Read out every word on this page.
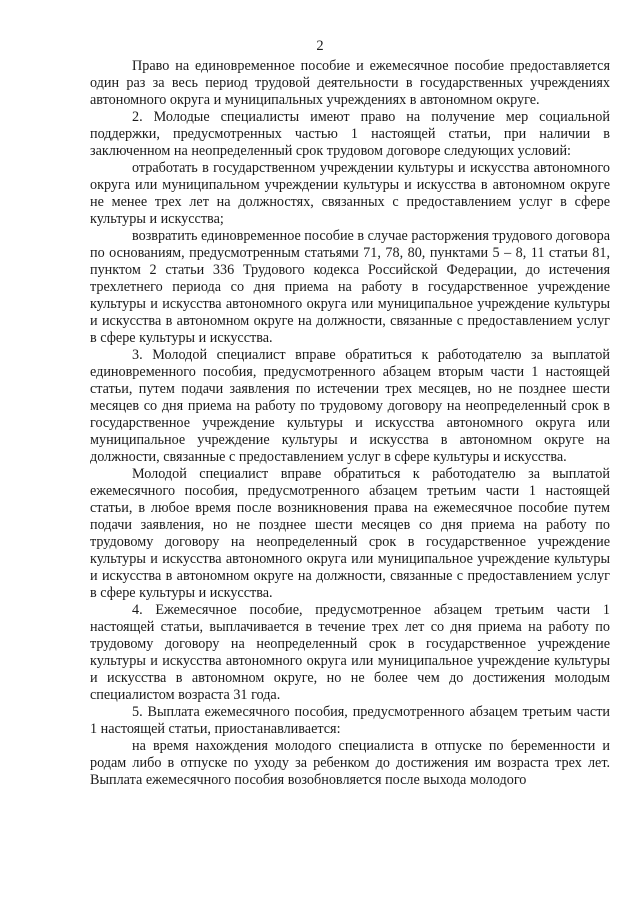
2

Право на единовременное пособие и ежемесячное пособие предоставляется один раз за весь период трудовой деятельности в государственных учреждениях автономного округа и муниципальных учреждениях в автономном округе.

2. Молодые специалисты имеют право на получение мер социальной поддержки, предусмотренных частью 1 настоящей статьи, при наличии в заключенном на неопределенный срок трудовом договоре следующих условий:

отработать в государственном учреждении культуры и искусства автономного округа или муниципальном учреждении культуры и искусства в автономном округе не менее трех лет на должностях, связанных с предоставлением услуг в сфере культуры и искусства;

возвратить единовременное пособие в случае расторжения трудового договора по основаниям, предусмотренным статьями 71, 78, 80, пунктами 5 – 8, 11 статьи 81, пунктом 2 статьи 336 Трудового кодекса Российской Федерации, до истечения трехлетнего периода со дня приема на работу в государственное учреждение культуры и искусства автономного округа или муниципальное учреждение культуры и искусства в автономном округе на должности, связанные с предоставлением услуг в сфере культуры и искусства.

3. Молодой специалист вправе обратиться к работодателю за выплатой единовременного пособия, предусмотренного абзацем вторым части 1 настоящей статьи, путем подачи заявления по истечении трех месяцев, но не позднее шести месяцев со дня приема на работу по трудовому договору на неопределенный срок в государственное учреждение культуры и искусства автономного округа или муниципальное учреждение культуры и искусства в автономном округе на должности, связанные с предоставлением услуг в сфере культуры и искусства.

Молодой специалист вправе обратиться к работодателю за выплатой ежемесячного пособия, предусмотренного абзацем третьим части 1 настоящей статьи, в любое время после возникновения права на ежемесячное пособие путем подачи заявления, но не позднее шести месяцев со дня приема на работу по трудовому договору на неопределенный срок в государственное учреждение культуры и искусства автономного округа или муниципальное учреждение культуры и искусства в автономном округе на должности, связанные с предоставлением услуг в сфере культуры и искусства.

4. Ежемесячное пособие, предусмотренное абзацем третьим части 1 настоящей статьи, выплачивается в течение трех лет со дня приема на работу по трудовому договору на неопределенный срок в государственное учреждение культуры и искусства автономного округа или муниципальное учреждение культуры и искусства в автономном округе, но не более чем до достижения молодым специалистом возраста 31 года.

5. Выплата ежемесячного пособия, предусмотренного абзацем третьим части 1 настоящей статьи, приостанавливается:

на время нахождения молодого специалиста в отпуске по беременности и родам либо в отпуске по уходу за ребенком до достижения им возраста трех лет. Выплата ежемесячного пособия возобновляется после выхода молодого
